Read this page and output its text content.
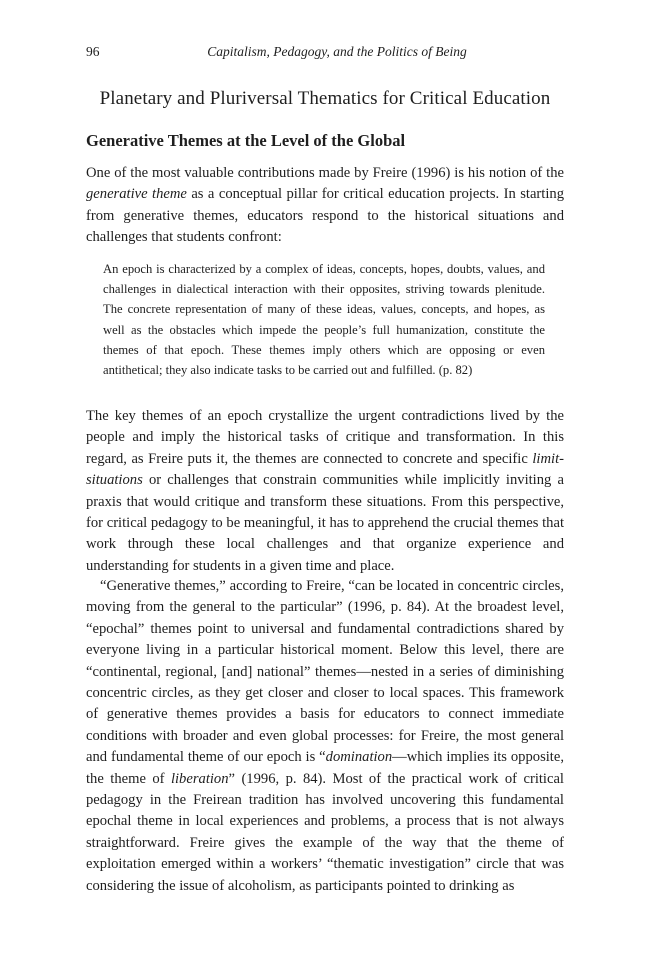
96	Capitalism, Pedagogy, and the Politics of Being
Planetary and Pluriversal Thematics for Critical Education
Generative Themes at the Level of the Global

One of the most valuable contributions made by Freire (1996) is his notion of the generative theme as a conceptual pillar for critical education projects. In starting from generative themes, educators respond to the historical situations and challenges that students confront:

An epoch is characterized by a complex of ideas, concepts, hopes, doubts, values, and challenges in dialectical interaction with their opposites, striving towards plenitude. The concrete representation of many of these ideas, values, concepts, and hopes, as well as the obstacles which impede the people’s full humanization, constitute the themes of that epoch. These themes imply others which are opposing or even antithetical; they also indicate tasks to be carried out and fulfilled. (p. 82)

The key themes of an epoch crystallize the urgent contradictions lived by the people and imply the historical tasks of critique and transformation. In this regard, as Freire puts it, the themes are connected to concrete and specific limit-situations or challenges that constrain communities while implicitly inviting a praxis that would critique and transform these situations. From this perspective, for critical pedagogy to be meaningful, it has to apprehend the crucial themes that work through these local challenges and that organize experience and understanding for students in a given time and place.

“Generative themes,” according to Freire, “can be located in concentric circles, moving from the general to the particular” (1996, p. 84). At the broadest level, “epochal” themes point to universal and fundamental contradictions shared by everyone living in a particular historical moment. Below this level, there are “continental, regional, [and] national” themes—nested in a series of diminishing concentric circles, as they get closer and closer to local spaces. This framework of generative themes provides a basis for educators to connect immediate conditions with broader and even global processes: for Freire, the most general and fundamental theme of our epoch is “domination—which implies its opposite, the theme of liberation” (1996, p. 84). Most of the practical work of critical pedagogy in the Freirean tradition has involved uncovering this fundamental epochal theme in local experiences and problems, a process that is not always straightforward. Freire gives the example of the way that the theme of exploitation emerged within a workers’ “thematic investigation” circle that was considering the issue of alcoholism, as participants pointed to drinking as
